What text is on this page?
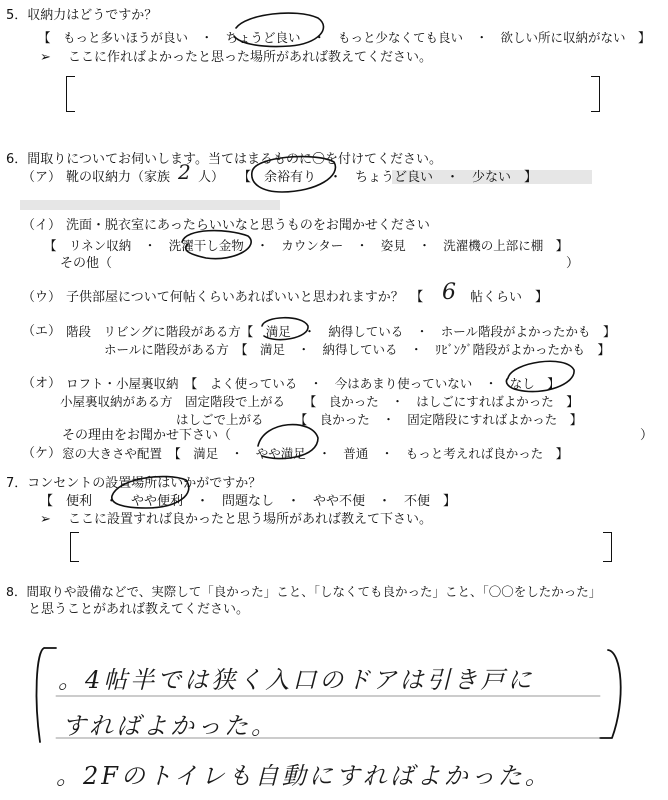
5．収納力はどうですか？
【　もっと多いほうが良い　・　ちょうど良い　・　もっと少なくても良い　・　欲しい所に収納がない　】
➢ ここに作ればよかったと思った場所があれば教えてください。
6．間取りについてお伺いします。当てはまるものに〇を付けてください。
（ア） 靴の収納力（家族 2 人） 【　余裕有り　・　ちょうど良い　・　少ない　】
（イ） 洗面・脱衣室にあったらいいなと思うものをお聞かせください
【　リネン収納　・　洗濯干し金物　・　カウンター　・　姿見　・　洗濯機の上部に棚　】
その他（	）
（ウ） 子供部屋について何帖くらいあればいいと思われますか？　【 6 帖くらい　】
（エ） 階段　リビングに階段がある方【　満足　・　納得している　・　ホール階段がよかったかも　】
ホールに階段がある方　【　満足　・　納得している　・　ﾘﾋﾞﾝｸﾞ階段がよかったかも　】
（オ） ロフト・小屋裏収納　【　よく使っている　・　今はあまり使っていない　・　なし　】
小屋裏収納がある方　固定階段で上がる　　【　良かった　・　はしごにすればよかった　】
はしごで上がる　　　【　良かった　・　固定階段にすればよかった　】
その理由をお聞かせ下さい（	）
（ケ） 窓の大きさや配置　【　満足　・　やや満足　・　普通　・　もっと考えれば良かった　】
7．コンセントの設置場所はいかがですか？
【　便利　・　やや便利　・　問題なし　・　やや不便　・　不便　】
➢ ここに設置すれば良かったと思う場所があれば教えて下さい。
8．間取りや設備などで、実際して「良かった」こと、「しなくても良かった」こと、「〇〇をしたかった」
と思うことがあれば教えてください。
。4帖半では狭く入口のドアは引き戸に
すればよかった。
。2Fのトイレも自動にすればよかった。
